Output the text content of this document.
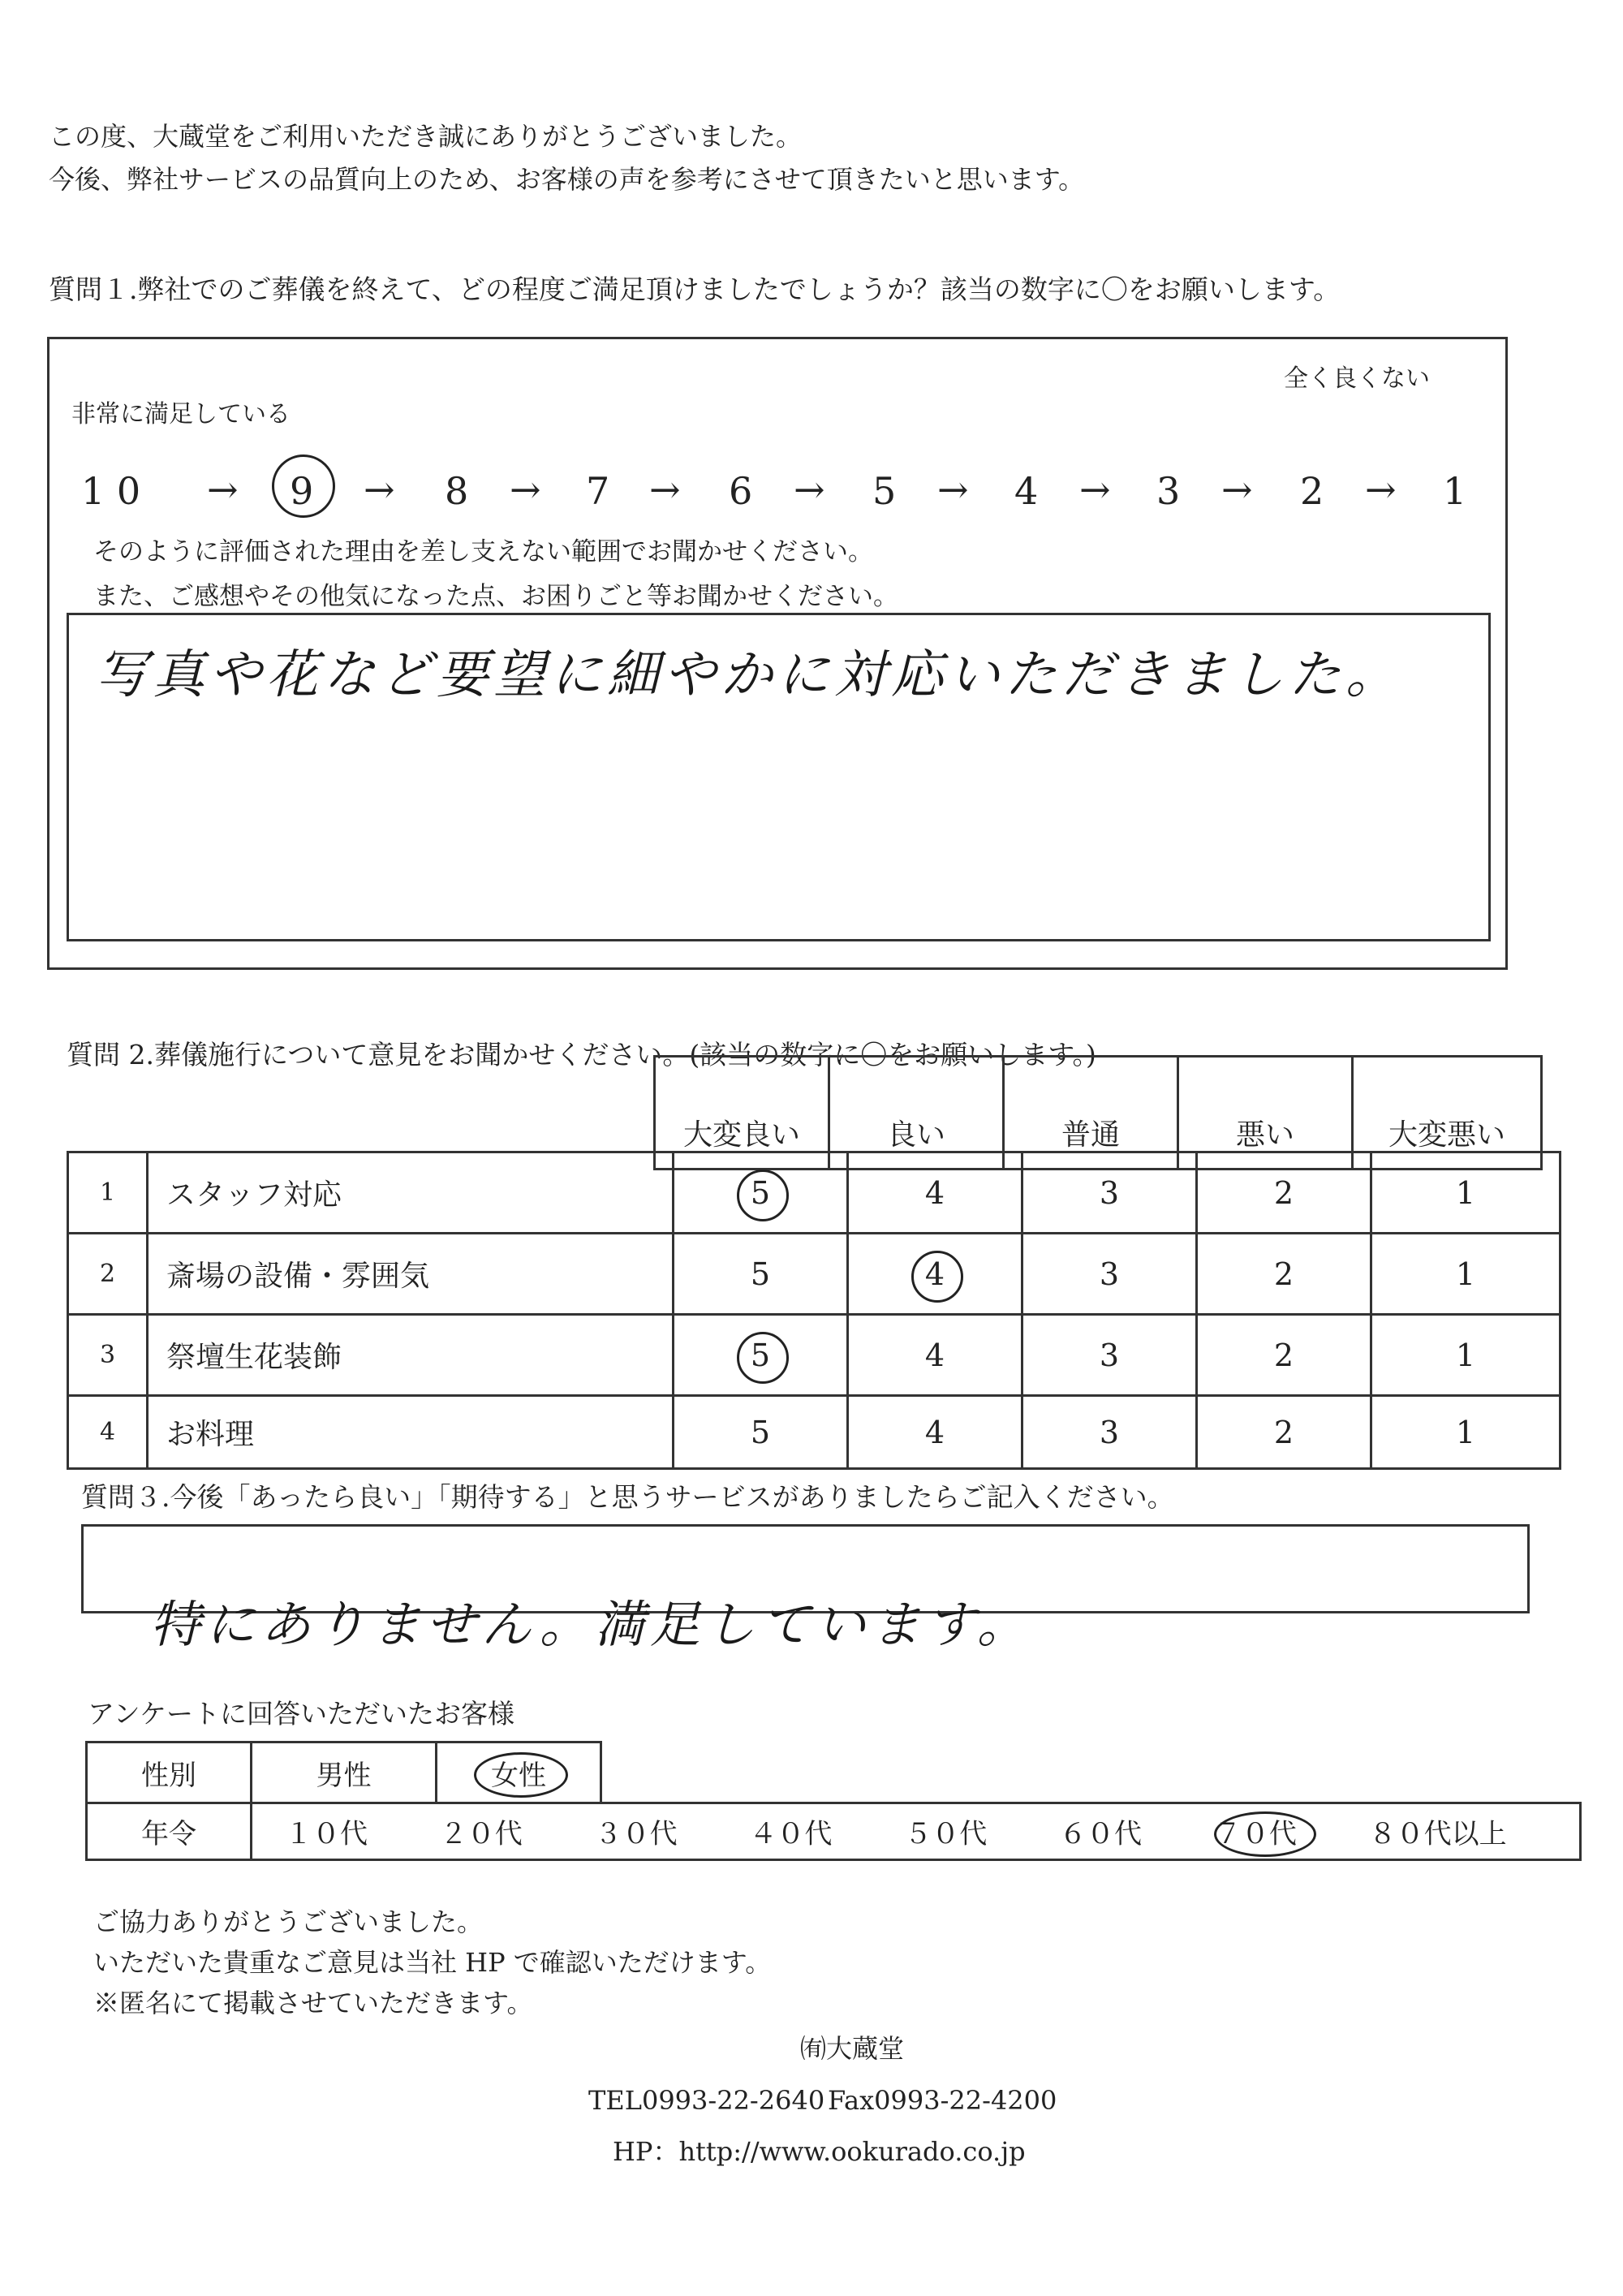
この度、大蔵堂をご利用いただき誠にありがとうございました。
今後、弊社サービスの品質向上のため、お客様の声を参考にさせて頂きたいと思います。
質問１.弊社でのご葬儀を終えて、どの程度ご満足頂けましたでしょうか？該当の数字に〇をお願いします。
非常に満足している
全く良くない
1 0 → 9 → 8 → 7 → 6 → 5 → 4 → 3 → 2 → 1
そのように評価された理由を差し支えない範囲でお聞かせください。
また、ご感想やその他気になった点、お困りごと等お聞かせください。
写真や花など要望に細やかに対応いただきました。
質問 2.葬儀施行について意見をお聞かせください。(該当の数字に〇をお願いします。)
大変良い	良い	普通	悪い	大変悪い
1	スタッフ対応	5	4	3	2	1
2	斎場の設備・雰囲気	5	4	3	2	1
3	祭壇生花装飾	5	4	3	2	1
4	お料理	5	4	3	2	1
質問３.今後「あったら良い」「期待する」と思うサービスがありましたらご記入ください。
特にありません。満足しています。
アンケートに回答いただいたお客様
性別	男性	女性
年令	１０代	２０代	３０代	４０代	５０代	６０代	７０代	８０代以上
ご協力ありがとうございました。
いただいた貴重なご意見は当社 HP で確認いただけます。
※匿名にて掲載させていただきます。
㈲大蔵堂
TEL0993-22-2640 Fax0993-22-4200
HP：http://www.ookurado.co.jp
